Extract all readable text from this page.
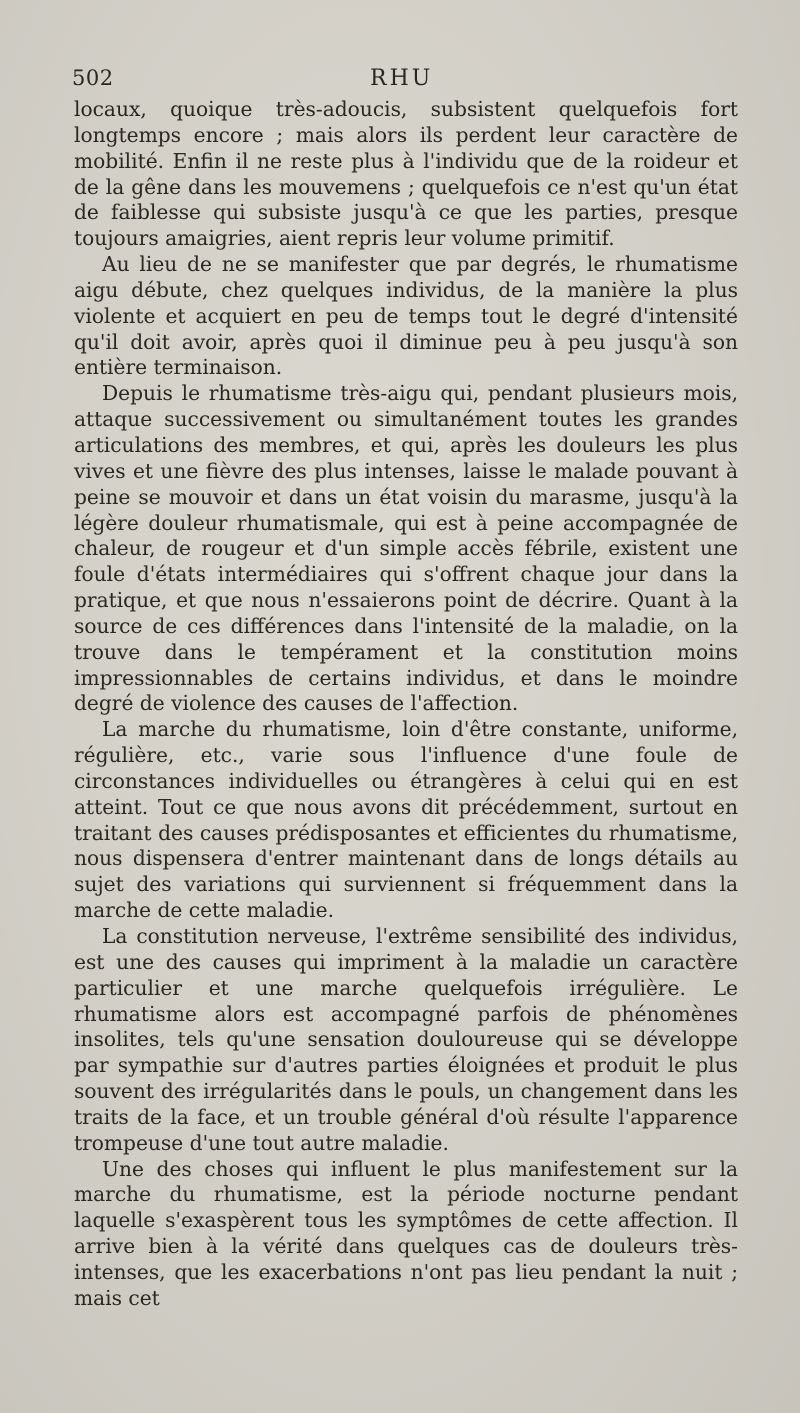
502	RHU

locaux, quoique très-adoucis, subsistent quelquefois fort longtemps encore ; mais alors ils perdent leur caractère de mobilité. Enfin il ne reste plus à l'individu que de la roideur et de la gêne dans les mouvemens ; quelquefois ce n'est qu'un état de faiblesse qui subsiste jusqu'à ce que les parties, presque toujours amaigries, aient repris leur volume primitif.

Au lieu de ne se manifester que par degrés, le rhumatisme aigu débute, chez quelques individus, de la manière la plus violente et acquiert en peu de temps tout le degré d'intensité qu'il doit avoir, après quoi il diminue peu à peu jusqu'à son entière terminaison.

Depuis le rhumatisme très-aigu qui, pendant plusieurs mois, attaque successivement ou simultanément toutes les grandes articulations des membres, et qui, après les douleurs les plus vives et une fièvre des plus intenses, laisse le malade pouvant à peine se mouvoir et dans un état voisin du marasme, jusqu'à la légère douleur rhumatismale, qui est à peine accompagnée de chaleur, de rougeur et d'un simple accès fébrile, existent une foule d'états intermédiaires qui s'offrent chaque jour dans la pratique, et que nous n'essaierons point de décrire. Quant à la source de ces différences dans l'intensité de la maladie, on la trouve dans le tempérament et la constitution moins impressionnables de certains individus, et dans le moindre degré de violence des causes de l'affection.

La marche du rhumatisme, loin d'être constante, uniforme, régulière, etc., varie sous l'influence d'une foule de circonstances individuelles ou étrangères à celui qui en est atteint. Tout ce que nous avons dit précédemment, surtout en traitant des causes prédisposantes et efficientes du rhumatisme, nous dispensera d'entrer maintenant dans de longs détails au sujet des variations qui surviennent si fréquemment dans la marche de cette maladie.

La constitution nerveuse, l'extrême sensibilité des individus, est une des causes qui impriment à la maladie un caractère particulier et une marche quelquefois irrégulière. Le rhumatisme alors est accompagné parfois de phénomènes insolites, tels qu'une sensation douloureuse qui se développe par sympathie sur d'autres parties éloignées et produit le plus souvent des irrégularités dans le pouls, un changement dans les traits de la face, et un trouble général d'où résulte l'apparence trompeuse d'une tout autre maladie.

Une des choses qui influent le plus manifestement sur la marche du rhumatisme, est la période nocturne pendant laquelle s'exaspèrent tous les symptômes de cette affection. Il arrive bien à la vérité dans quelques cas de douleurs très-intenses, que les exacerbations n'ont pas lieu pendant la nuit ; mais cet
